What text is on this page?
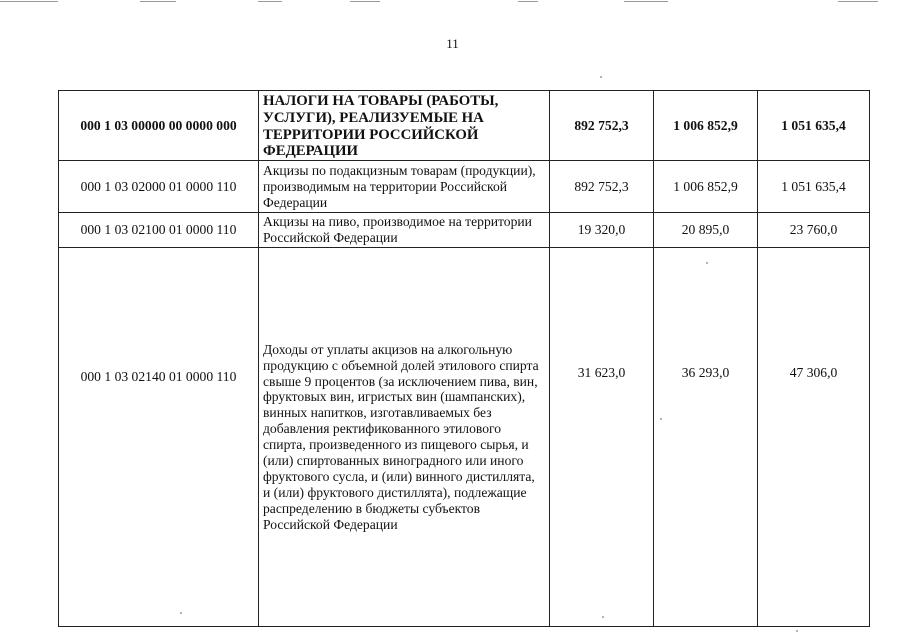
11
000 1 03 00000 00 0000 000	НАЛОГИ НА ТОВАРЫ (РАБОТЫ, УСЛУГИ), РЕАЛИЗУЕМЫЕ НА ТЕРРИТОРИИ РОССИЙСКОЙ ФЕДЕРАЦИИ	892 752,3	1 006 852,9	1 051 635,4
000 1 03 02000 01 0000 110	Акцизы по подакцизным товарам (продукции), производимым на территории Российской Федерации	892 752,3	1 006 852,9	1 051 635,4
000 1 03 02100 01 0000 110	Акцизы на пиво, производимое на территории Российской Федерации	19 320,0	20 895,0	23 760,0
000 1 03 02140 01 0000 110	Доходы от уплаты акцизов на алкогольную продукцию с объемной долей этилового спирта свыше 9 процентов (за исключением пива, вин, фруктовых вин, игристых вин (шампанских), винных напитков, изготавливаемых без добавления ректификованного этилового спирта, произведенного из пищевого сырья, и (или) спиртованных виноградного или иного фруктового сусла, и (или) винного дистиллята, и (или) фруктового дистиллята), подлежащие распределению в бюджеты субъектов Российской Федерации	31 623,0	36 293,0	47 306,0
